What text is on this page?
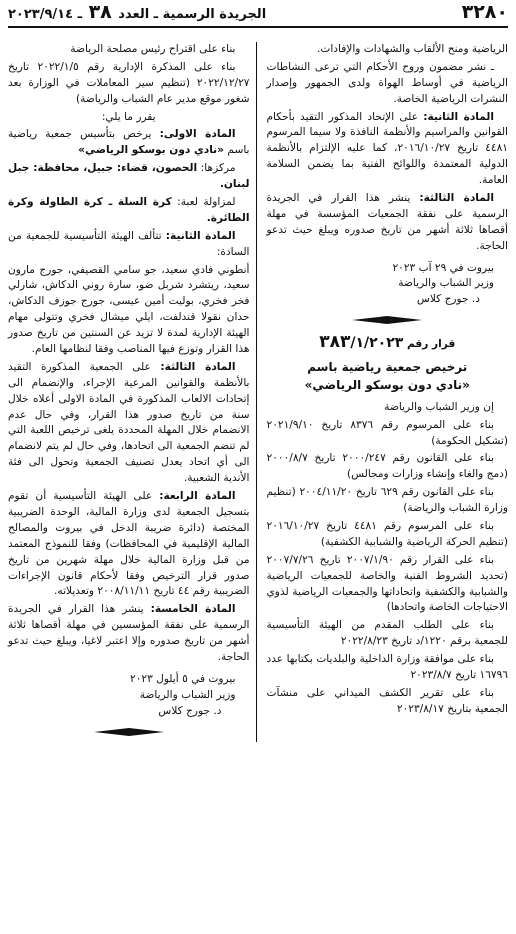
٣٢٨٠
الجريدة الرسمية ـ العدد ٣٨ ـ ٢٠٢٣/٩/١٤

الرياضية ومنح الألقاب والشهادات والإفادات.

ـ نشر مضمون وروح الأحكام التي ترعى النشاطات الرياضية في أوساط الهواة ولدى الجمهور وإصدار النشرات الرياضية الخاصة.

المادة الثانية: على الإتحاد المذكور التقيد بأحكام القوانين والمراسيم والأنظمة النافذة ولا سيما المرسوم ٤٤٨١ تاريخ ٢٠١٦/١٠/٢٧، كما عليه الإلتزام بالأنظمة الدولية المعتمدة واللوائح الفنية بما يضمن السلامة العامة.

المادة الثالثة: ينشر هذا القرار في الجريدة الرسمية على نفقة الجمعيات المؤسسة في مهلة أقصاها ثلاثة أشهر من تاريخ صدوره ويبلغ حيث تدعو الحاجة.

بيروت في ٢٩ آب ٢٠٢٣

وزير الشباب والرياضة

د. جورج كلاس

قرار رقم ٣٨٣/١/٢٠٢٣

ترخيص جمعية رياضية باسم

«نادي دون بوسكو الرياضي»

إن وزير الشباب والرياضة

بناء على المرسوم رقم ٨٣٧٦ تاريخ ٢٠٢١/٩/١٠ (تشكيل الحكومة)

بناء على القانون رقم ٢٠٠٠/٢٤٧ تاريخ ٢٠٠٠/٨/٧ (دمج والغاء وإنشاء وزارات ومجالس)

بناء على القانون رقم ٦٢٩ تاريخ ٢٠٠٤/١١/٢٠ (تنظيم وزارة الشباب والرياضة)

بناء على المرسوم رقم ٤٤٨١ تاريخ ٢٠١٦/١٠/٢٧ (تنظيم الحركة الرياضية والشبابية الكشفية)

بناء على القرار رقم ٢٠٠٧/١/٩٠ تاريخ ٢٠٠٧/٧/٢٦ (تحديد الشروط الفنية والخاصة للجمعيات الرياضية والشبابية والكشفية واتحاداتها والجمعيات الرياضية لذوي الاحتياجات الخاصة واتحادها)

بناء على الطلب المقدم من الهيئة التأسيسية للجمعية برقم ١٢٢٠/د تاريخ ٢٠٢٢/٨/٢٣

بناء على موافقة وزارة الداخلية والبلديات بكتابها عدد ١٦٧٩٦ تاريخ ٢٠٢٣/٨/٧

بناء على تقرير الكشف الميداني على منشآت الجمعية بتاريخ ٢٠٢٣/٨/١٧

بناء على اقتراح رئيس مصلحة الرياضة

بناء على المذكرة الإدارية رقم ٢٠٢٢/١/٥ تاريخ ٢٠٢٢/١٢/٢٧ (تنظيم سير المعاملات في الوزارة بعد شغور موقع مدير عام الشباب والرياضة)

يقرر ما يلي:

المادة الاولى: يرخص بتأسيس جمعية رياضية باسم «نادي دون بوسكو الرياضي»

مركزها: الحصون، قضاء: جبيل، محافظة: جبل لبنان.

لمزاولة لعبة: كرة السلة ـ كرة الطاولة وكرة الطائرة.

المادة الثانية: تتألف الهيئة التأسيسية للجمعية من السادة:

أنطوني فادي سعيد، جو سامي القصيفي، جورج مارون سعيد، ريتشرد شربل ضو، سارة روني الدكاش، شارلي فخر فخري، بوليت أمين عيسى، جورج جوزف الدكاش، حدان نقولا قندلفت، ايلي ميشال فخري وتتولى مهام الهيئة الإدارية لمدة لا تزيد عن السنتين من تاريخ صدور هذا القرار وتوزع فيها المناصب وفقا لنظامها العام.

المادة الثالثة: على الجمعية المذكورة التقيد بالأنظمة والقوانين المرعية الإجراء، والإنضمام الى إتحادات الالعاب المذكورة في المادة الاولى أعلاه خلال سنة من تاريخ صدور هذا القرار، وفي حال عدم الانضمام خلال المهلة المحددة يلغى ترخيص اللعبة التي لم تنضم الجمعية الى اتحادها، وفي حال لم يتم لانضمام الى أي اتحاد يعدل تصنيف الجمعية وتحول الى فئة الأندية الشعبية.

المادة الرابعة: على الهيئة التأسيسية أن تقوم بتسجيل الجمعية لدى وزارة المالية، الوحدة الضريبية المختصة (دائرة ضريبة الدخل في بيروت والمصالح المالية الإقليمية في المحافظات) وفقا للنموذج المعتمد من قبل وزارة المالية خلال مهلة شهرين من تاريخ صدور قرار الترخيص وفقا لأحكام قانون الإجراءات الضريبية رقم ٤٤ تاريخ ٢٠٠٨/١١/١١ وتعديلاته.

المادة الخامسة: ينشر هذا القرار في الجريدة الرسمية على نفقة المؤسسين في مهلة أقصاها ثلاثة أشهر من تاريخ صدوره وإلا اعتبر لاغيا، ويبلغ حيث تدعو الحاجة.

بيروت في ٥ أيلول ٢٠٢٣

وزير الشباب والرياضة

د. جورج كلاس
